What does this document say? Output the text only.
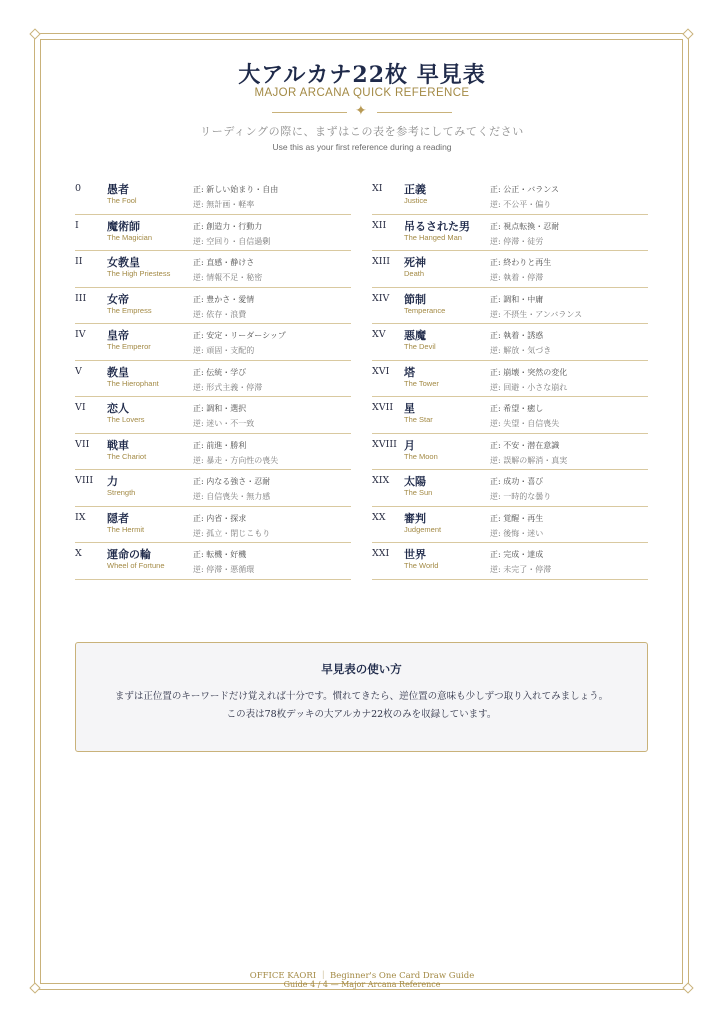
大アルカナ22枚 早見表
MAJOR ARCANA QUICK REFERENCE
✦
リーディングの際に、まずはこの表を参考にしてみてください
Use this as your first reference during a reading
0 愚者
The Fool
正: 新しい始まり・自由
逆: 無計画・軽率
I	魔術師
The Magician
正: 創造力・行動力
逆: 空回り・自信過剰
II 女教皇
The High Priestess
正: 直感・静けさ
逆: 情報不足・秘密
III 女帝
The Empress
正: 豊かさ・愛情
逆: 依存・浪費
IV 皇帝
The Emperor
正: 安定・リーダーシップ
逆: 頑固・支配的
V 教皇
The Hierophant
正: 伝統・学び
逆: 形式主義・停滞
VI 恋人
The Lovers
正: 調和・選択
逆: 迷い・不一致
VII 戦車
The Chariot
正: 前進・勝利
逆: 暴走・方向性の喪失
VIII 力
Strength
正: 内なる強さ・忍耐
逆: 自信喪失・無力感
IX 隠者
The Hermit
正: 内省・探求
逆: 孤立・閉じこもり
X 運命の輪
Wheel of Fortune
正: 転機・好機
逆: 停滞・悪循環
XI 正義
Justice
正: 公正・バランス
逆: 不公平・偏り
XII 吊るされた男
The Hanged Man
正: 視点転換・忍耐
逆: 停滞・徒労
XIII 死神
Death
正: 終わりと再生
逆: 執着・停滞
XIV 節制
Temperance
正: 調和・中庸
逆: 不摂生・アンバランス
XV 悪魔
The Devil
正: 執着・誘惑
逆: 解放・気づき
XVI 塔
The Tower
正: 崩壊・突然の変化
逆: 回避・小さな崩れ
XVII 星
The Star
正: 希望・癒し
逆: 失望・自信喪失
XVIII 月
The Moon
正: 不安・潜在意識
逆: 誤解の解消・真実
XIX 太陽
The Sun
正: 成功・喜び
逆: 一時的な曇り
XX 審判
Judgement
正: 覚醒・再生
逆: 後悔・迷い
XXI 世界
The World
正: 完成・達成
逆: 未完了・停滞
早見表の使い方
まずは正位置のキーワードだけ覚えれば十分です。慣れてきたら、逆位置の意味も少しずつ取り入れてみましょう。
この表は78枚デッキの大アルカナ22枚のみを収録しています。
OFFICE KAORI ｜ Beginner's One Card Draw Guide
Guide 4 / 4 — Major Arcana Reference
